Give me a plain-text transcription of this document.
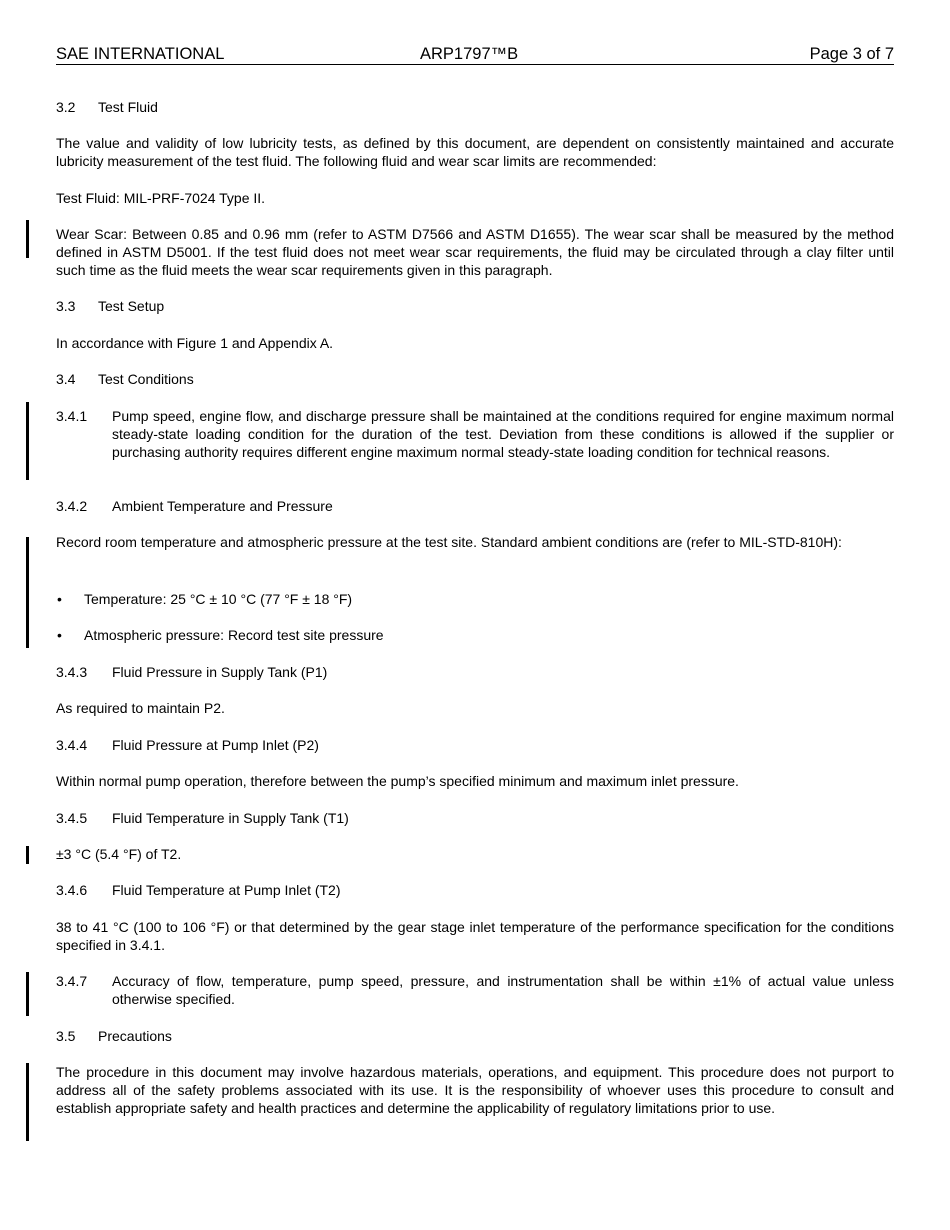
SAE INTERNATIONAL	ARP1797™B	Page 3 of 7
3.2 Test Fluid
The value and validity of low lubricity tests, as defined by this document, are dependent on consistently maintained and accurate lubricity measurement of the test fluid. The following fluid and wear scar limits are recommended:
Test Fluid: MIL-PRF-7024 Type II.
Wear Scar: Between 0.85 and 0.96 mm (refer to ASTM D7566 and ASTM D1655). The wear scar shall be measured by the method defined in ASTM D5001. If the test fluid does not meet wear scar requirements, the fluid may be circulated through a clay filter until such time as the fluid meets the wear scar requirements given in this paragraph.
3.3 Test Setup
In accordance with Figure 1 and Appendix A.
3.4 Test Conditions
3.4.1 Pump speed, engine flow, and discharge pressure shall be maintained at the conditions required for engine maximum normal steady-state loading condition for the duration of the test. Deviation from these conditions is allowed if the supplier or purchasing authority requires different engine maximum normal steady-state loading condition for technical reasons.
3.4.2 Ambient Temperature and Pressure
Record room temperature and atmospheric pressure at the test site. Standard ambient conditions are (refer to MIL-STD-810H):
• Temperature: 25 °C ± 10 °C (77 °F ± 18 °F)
• Atmospheric pressure: Record test site pressure
3.4.3 Fluid Pressure in Supply Tank (P1)
As required to maintain P2.
3.4.4 Fluid Pressure at Pump Inlet (P2)
Within normal pump operation, therefore between the pump’s specified minimum and maximum inlet pressure.
3.4.5 Fluid Temperature in Supply Tank (T1)
±3 °C (5.4 °F) of T2.
3.4.6 Fluid Temperature at Pump Inlet (T2)
38 to 41 °C (100 to 106 °F) or that determined by the gear stage inlet temperature of the performance specification for the conditions specified in 3.4.1.
3.4.7 Accuracy of flow, temperature, pump speed, pressure, and instrumentation shall be within ±1% of actual value unless otherwise specified.
3.5 Precautions
The procedure in this document may involve hazardous materials, operations, and equipment. This procedure does not purport to address all of the safety problems associated with its use. It is the responsibility of whoever uses this procedure to consult and establish appropriate safety and health practices and determine the applicability of regulatory limitations prior to use.
